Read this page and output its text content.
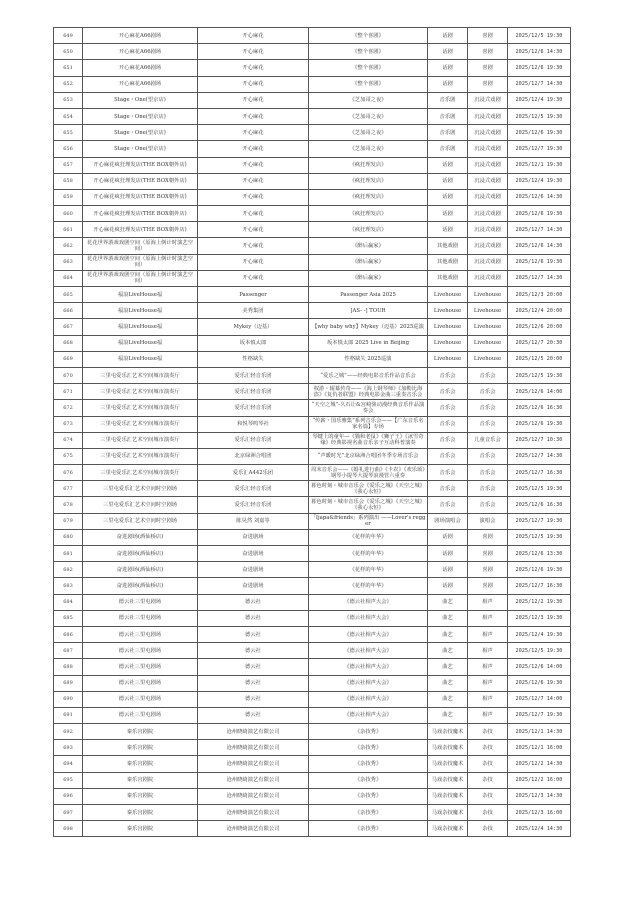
649	开心麻花A66剧场	开心麻花	《整个喜剧》	话剧	喜剧	2025/12/5 19:30
650	开心麻花A66剧场	开心麻花	《整个喜剧》	话剧	喜剧	2025/12/6 14:30
651	开心麻花A66剧场	开心麻花	《整个喜剧》	话剧	喜剧	2025/12/6 19:30
652	开心麻花A66剧场	开心麻花	《整个喜剧》	话剧	喜剧	2025/12/7 14:30
653	Stage・One(望京店)	开心麻花	《芝加哥之夜》	音乐剧	沉浸式戏剧	2025/12/4 19:30
654	Stage・One(望京店)	开心麻花	《芝加哥之夜》	音乐剧	沉浸式戏剧	2025/12/5 19:30
655	Stage・One(望京店)	开心麻花	《芝加哥之夜》	音乐剧	沉浸式戏剧	2025/12/6 19:30
656	Stage・One(望京店)	开心麻花	《芝加哥之夜》	音乐剧	沉浸式戏剧	2025/12/7 19:30
657	开心麻花疯狂理发店(THE BOX朝外店)	开心麻花	《疯狂理发店》	话剧	沉浸式戏剧	2025/12/1 19:30
658	开心麻花疯狂理发店(THE BOX朝外店)	开心麻花	《疯狂理发店》	话剧	沉浸式戏剧	2025/12/4 19:30
659	开心麻花疯狂理发店(THE BOX朝外店)	开心麻花	《疯狂理发店》	话剧	沉浸式戏剧	2025/12/6 14:30
660	开心麻花疯狂理发店(THE BOX朝外店)	开心麻花	《疯狂理发店》	话剧	沉浸式戏剧	2025/12/6 19:30
661	开心麻花疯狂理发店(THE BOX朝外店)	开心麻花	《疯狂理发店》	话剧	沉浸式戏剧	2025/12/7 14:30
662	花花世界游戏戏剧空间（原海上倒计时演艺空间）	开心麻花	《醉后赢家》	其他戏剧	沉浸式戏剧	2025/12/6 14:30
663	花花世界游戏戏剧空间（原海上倒计时演艺空间）	开心麻花	《醉后赢家》	其他戏剧	沉浸式戏剧	2025/12/6 19:30
664	花花世界游戏戏剧空间（原海上倒计时演艺空间）	开心麻花	《醉后赢家》	其他戏剧	沉浸式戏剧	2025/12/7 14:30
665	福浪LiveHouse福	Passenger	Passenger Asia 2025	Livehouse	Livehouse	2025/12/3 20:00
666	福浪LiveHouse福	美秀集团	[AS- -] TOUR	Livehouse	Livehouse	2025/12/4 20:00
667	福浪LiveHouse福	Mykey（迈基）	【why baby why】Mykey（迈基）2025巡演	Livehouse	Livehouse	2025/12/6 20:00
668	福浪LiveHouse福	坂本慎太郎	坂本慎太郎 2025 Live in Beijing	Livehouse	Livehouse	2025/12/7 20:30
669	福浪LiveHouse福	性格缺失	性格缺失 2025巡演	Livehouse	Livehouse	2025/12/5 20:00
670	三里屯爱乐汇艺术空间城市演奏厅	爱乐汇轻音乐团	“爱乐之城”——经典电影音乐作品音乐会	音乐会	音乐会	2025/12/5 19:30
671	三里屯爱乐汇艺术空间城市演奏厅	爱乐汇轻音乐团	权游・辊幕传奇——《海上钢琴师》《加勒比海盗》《复仇者联盟》经典电影金曲三重奏音乐会	音乐会	音乐会	2025/12/6 14:00
672	三里屯爱乐汇艺术空间城市演奏厅	爱乐汇轻音乐团	“天空之城”-久石让&宫崎骏动漫经典音乐作品演奏会	音乐会	音乐会	2025/12/6 16:30
673	三里屯爱乐汇艺术空间城市演奏厅	和悦琴鸣琴社	“传薪・国乐雅集”系列音乐会——【广东音乐名家名篇】专场	音乐会	音乐会	2025/12/6 19:30
674	三里屯爱乐汇艺术空间城市演奏厅	爱乐汇轻音乐团	琴键上的童年—《猫和老鼠》《狮子王》《冰雪奇缘》经典影视名曲音乐亲子互动科普演奏	音乐会	儿童音乐会	2025/12/7 10:30
675	三里屯爱乐汇艺术空间城市演奏厅	北京绿洲合唱团	“声暖时光”北京绿洲合唱团冬季专场音乐会	音乐会	音乐会	2025/12/7 14:30
676	三里屯爱乐汇艺术空间城市演奏厅	爱乐汇A442乐团	周末音乐会——《婚礼进行曲》《卡农》《欢乐颂》钢琴小提琴大提琴浪漫管六重奏	音乐会	音乐会	2025/12/7 16:30
677	三里屯爱乐汇艺术空间时空剧场	爱乐汇轻音乐团	暮色时刻・城市音乐会《爱乐之城》《天空之城》《我心永恒》	音乐会	音乐会	2025/12/5 19:30
678	三里屯爱乐汇艺术空间时空剧场	爱乐汇轻音乐团	暮色时刻・城市音乐会《爱乐之城》《天空之城》《我心永恒》	音乐会	音乐会	2025/12/6 16:30
679	三里屯爱乐汇艺术空间时空剧场	陈昊然 刘嘉等	「Ijapa&friends」系列演出 ——Lover's regger	剧场演唱会	演唱会	2025/12/7 19:30
680	奋进剧场(酒仙桥店)	奋进剧场	《花样的年华》	话剧	喜剧	2025/12/5 19:30
681	奋进剧场(酒仙桥店)	奋进剧场	《花样的年华》	话剧	喜剧	2025/12/6 13:30
682	奋进剧场(酒仙桥店)	奋进剧场	《花样的年华》	话剧	喜剧	2025/12/6 19:30
683	奋进剧场(酒仙桥店)	奋进剧场	《花样的年华》	话剧	喜剧	2025/12/7 16:30
684	德云社三里屯剧场	德云社	《德云社相声大会》	曲艺	相声	2025/12/2 19:30
685	德云社三里屯剧场	德云社	《德云社相声大会》	曲艺	相声	2025/12/3 19:30
686	德云社三里屯剧场	德云社	《德云社相声大会》	曲艺	相声	2025/12/4 19:30
687	德云社三里屯剧场	德云社	《德云社相声大会》	曲艺	相声	2025/12/5 19:30
688	德云社三里屯剧场	德云社	《德云社相声大会》	曲艺	相声	2025/12/6 14:00
689	德云社三里屯剧场	德云社	《德云社相声大会》	曲艺	相声	2025/12/6 19:30
690	德云社三里屯剧场	德云社	《德云社相声大会》	曲艺	相声	2025/12/7 14:00
691	德云社三里屯剧场	德云社	《德云社相声大会》	曲艺	相声	2025/12/7 19:30
692	秦乐宫剧院	沧州晓绮演艺有限公司	《杂技秀》	马戏杂技魔术	杂技	2025/12/1 14:30
693	秦乐宫剧院	沧州晓绮演艺有限公司	《杂技秀》	马戏杂技魔术	杂技	2025/12/1 16:00
694	秦乐宫剧院	沧州晓绮演艺有限公司	《杂技秀》	马戏杂技魔术	杂技	2025/12/2 14:30
695	秦乐宫剧院	沧州晓绮演艺有限公司	《杂技秀》	马戏杂技魔术	杂技	2025/12/2 16:00
696	秦乐宫剧院	沧州晓绮演艺有限公司	《杂技秀》	马戏杂技魔术	杂技	2025/12/3 14:30
697	秦乐宫剧院	沧州晓绮演艺有限公司	《杂技秀》	马戏杂技魔术	杂技	2025/12/3 16:00
698	秦乐宫剧院	沧州晓绮演艺有限公司	《杂技秀》	马戏杂技魔术	杂技	2025/12/4 14:30
